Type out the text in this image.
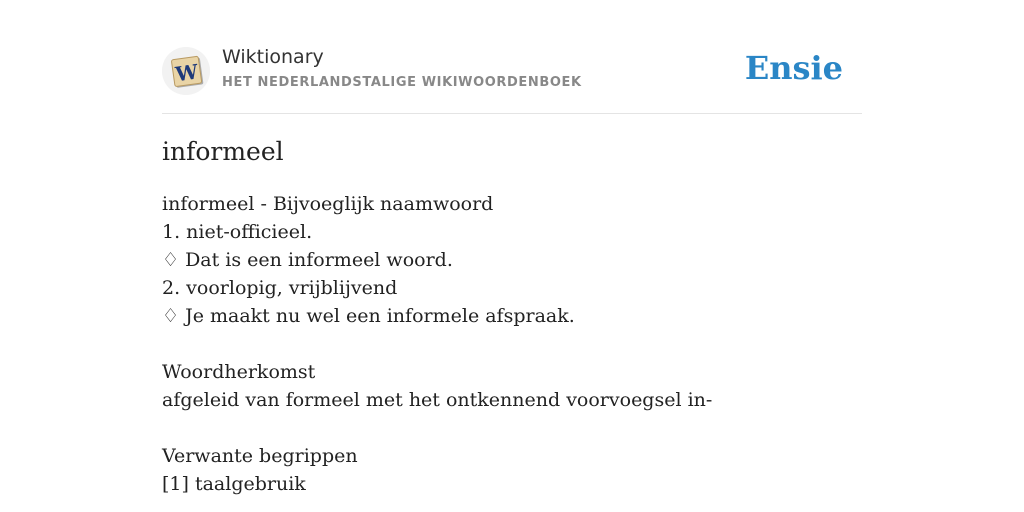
W
Wiktionary
HET NEDERLANDSTALIGE WIKIWOORDENBOEK	Ensie
informeel
informeel - Bijvoeglijk naamwoord
1. niet-officieel.
♢ Dat is een informeel woord.
2. voorlopig, vrijblijvend
♢ Je maakt nu wel een informele afspraak.
Woordherkomst
afgeleid van formeel met het ontkennend voorvoegsel in-
Verwante begrippen
[1] taalgebruik
